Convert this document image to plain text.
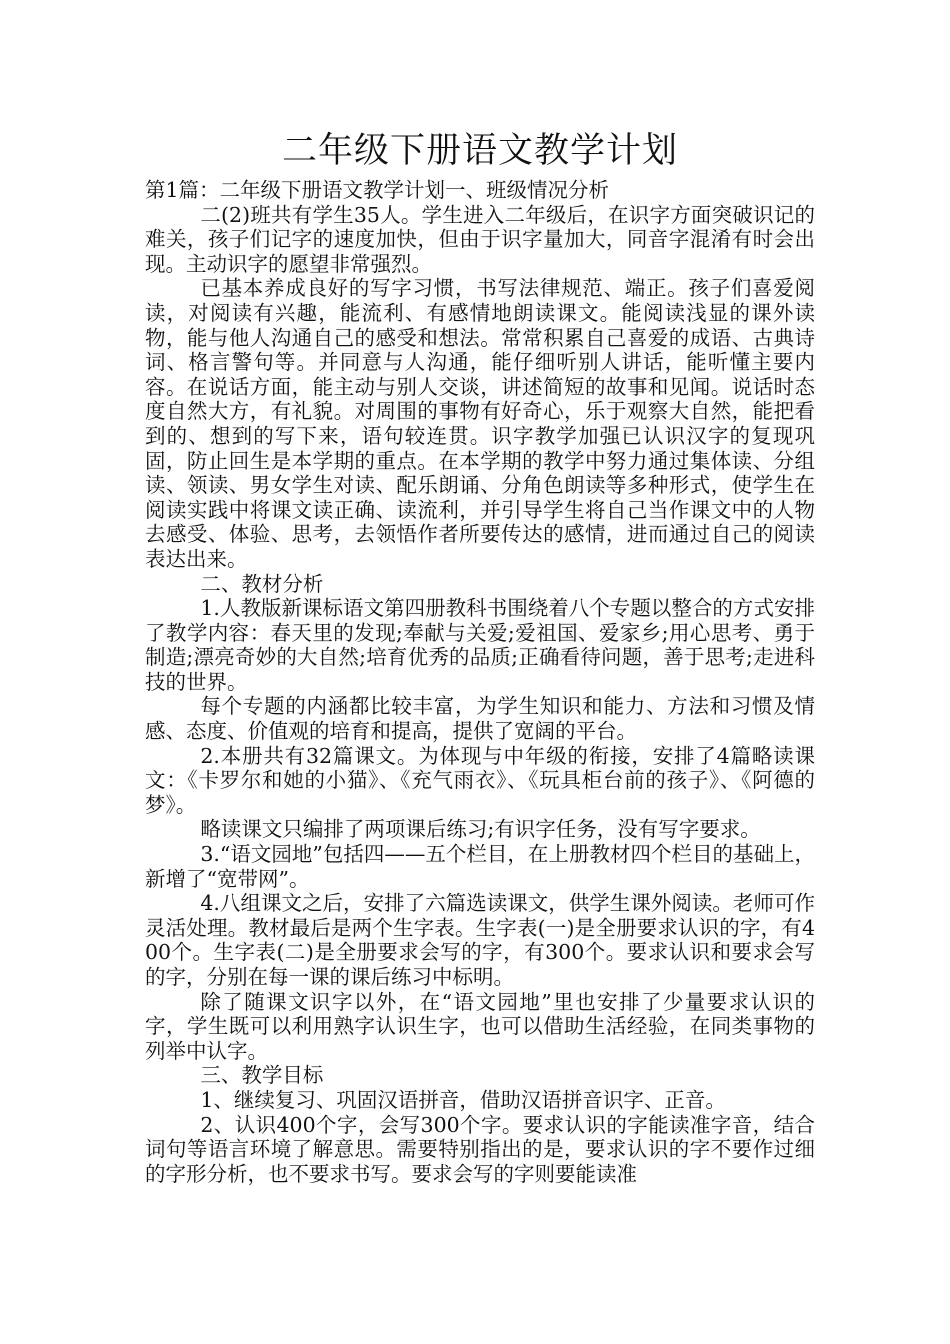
二年级下册语文教学计划

第1篇：二年级下册语文教学计划一、班级情况分析

二(2)班共有学生35人。学生进入二年级后，在识字方面突破识记的难关，孩子们记字的速度加快，但由于识字量加大，同音字混淆有时会出现。主动识字的愿望非常强烈。

已基本养成良好的写字习惯，书写法律规范、端正。孩子们喜爱阅读，对阅读有兴趣，能流利、有感情地朗读课文。能阅读浅显的课外读物，能与他人沟通自己的感受和想法。常常积累自己喜爱的成语、古典诗词、格言警句等。并同意与人沟通，能仔细听别人讲话，能听懂主要内容。在说话方面，能主动与别人交谈，讲述简短的故事和见闻。说话时态度自然大方，有礼貌。对周围的事物有好奇心，乐于观察大自然，能把看到的、想到的写下来，语句较连贯。识字教学加强已认识汉字的复现巩固，防止回生是本学期的重点。在本学期的教学中努力通过集体读、分组读、领读、男女学生对读、配乐朗诵、分角色朗读等多种形式，使学生在阅读实践中将课文读正确、读流利，并引导学生将自己当作课文中的人物去感受、体验、思考，去领悟作者所要传达的感情，进而通过自己的阅读表达出来。

二、教材分析

1.人教版新课标语文第四册教科书围绕着八个专题以整合的方式安排了教学内容：春天里的发现;奉献与关爱;爱祖国、爱家乡;用心思考、勇于制造;漂亮奇妙的大自然;培育优秀的品质;正确看待问题，善于思考;走进科技的世界。

每个专题的内涵都比较丰富，为学生知识和能力、方法和习惯及情感、态度、价值观的培育和提高，提供了宽阔的平台。

2.本册共有32篇课文。为体现与中年级的衔接，安排了4篇略读课文：《卡罗尔和她的小猫》、《充气雨衣》、《玩具柜台前的孩子》、《阿德的梦》。

略读课文只编排了两项课后练习;有识字任务，没有写字要求。

3.“语文园地”包括四——五个栏目，在上册教材四个栏目的基础上，新增了“宽带网”。

4.八组课文之后，安排了六篇选读课文，供学生课外阅读。老师可作灵活处理。教材最后是两个生字表。生字表(一)是全册要求认识的字，有400个。生字表(二)是全册要求会写的字，有300个。要求认识和要求会写的字，分别在每一课的课后练习中标明。

除了随课文识字以外，在“语文园地”里也安排了少量要求认识的字，学生既可以利用熟字认识生字，也可以借助生活经验，在同类事物的列举中认字。

三、教学目标

1、继续复习、巩固汉语拼音，借助汉语拼音识字、正音。

2、认识400个字，会写300个字。要求认识的字能读准字音，结合词句等语言环境了解意思。需要特别指出的是，要求认识的字不要作过细的字形分析，也不要求书写。要求会写的字则要能读准
